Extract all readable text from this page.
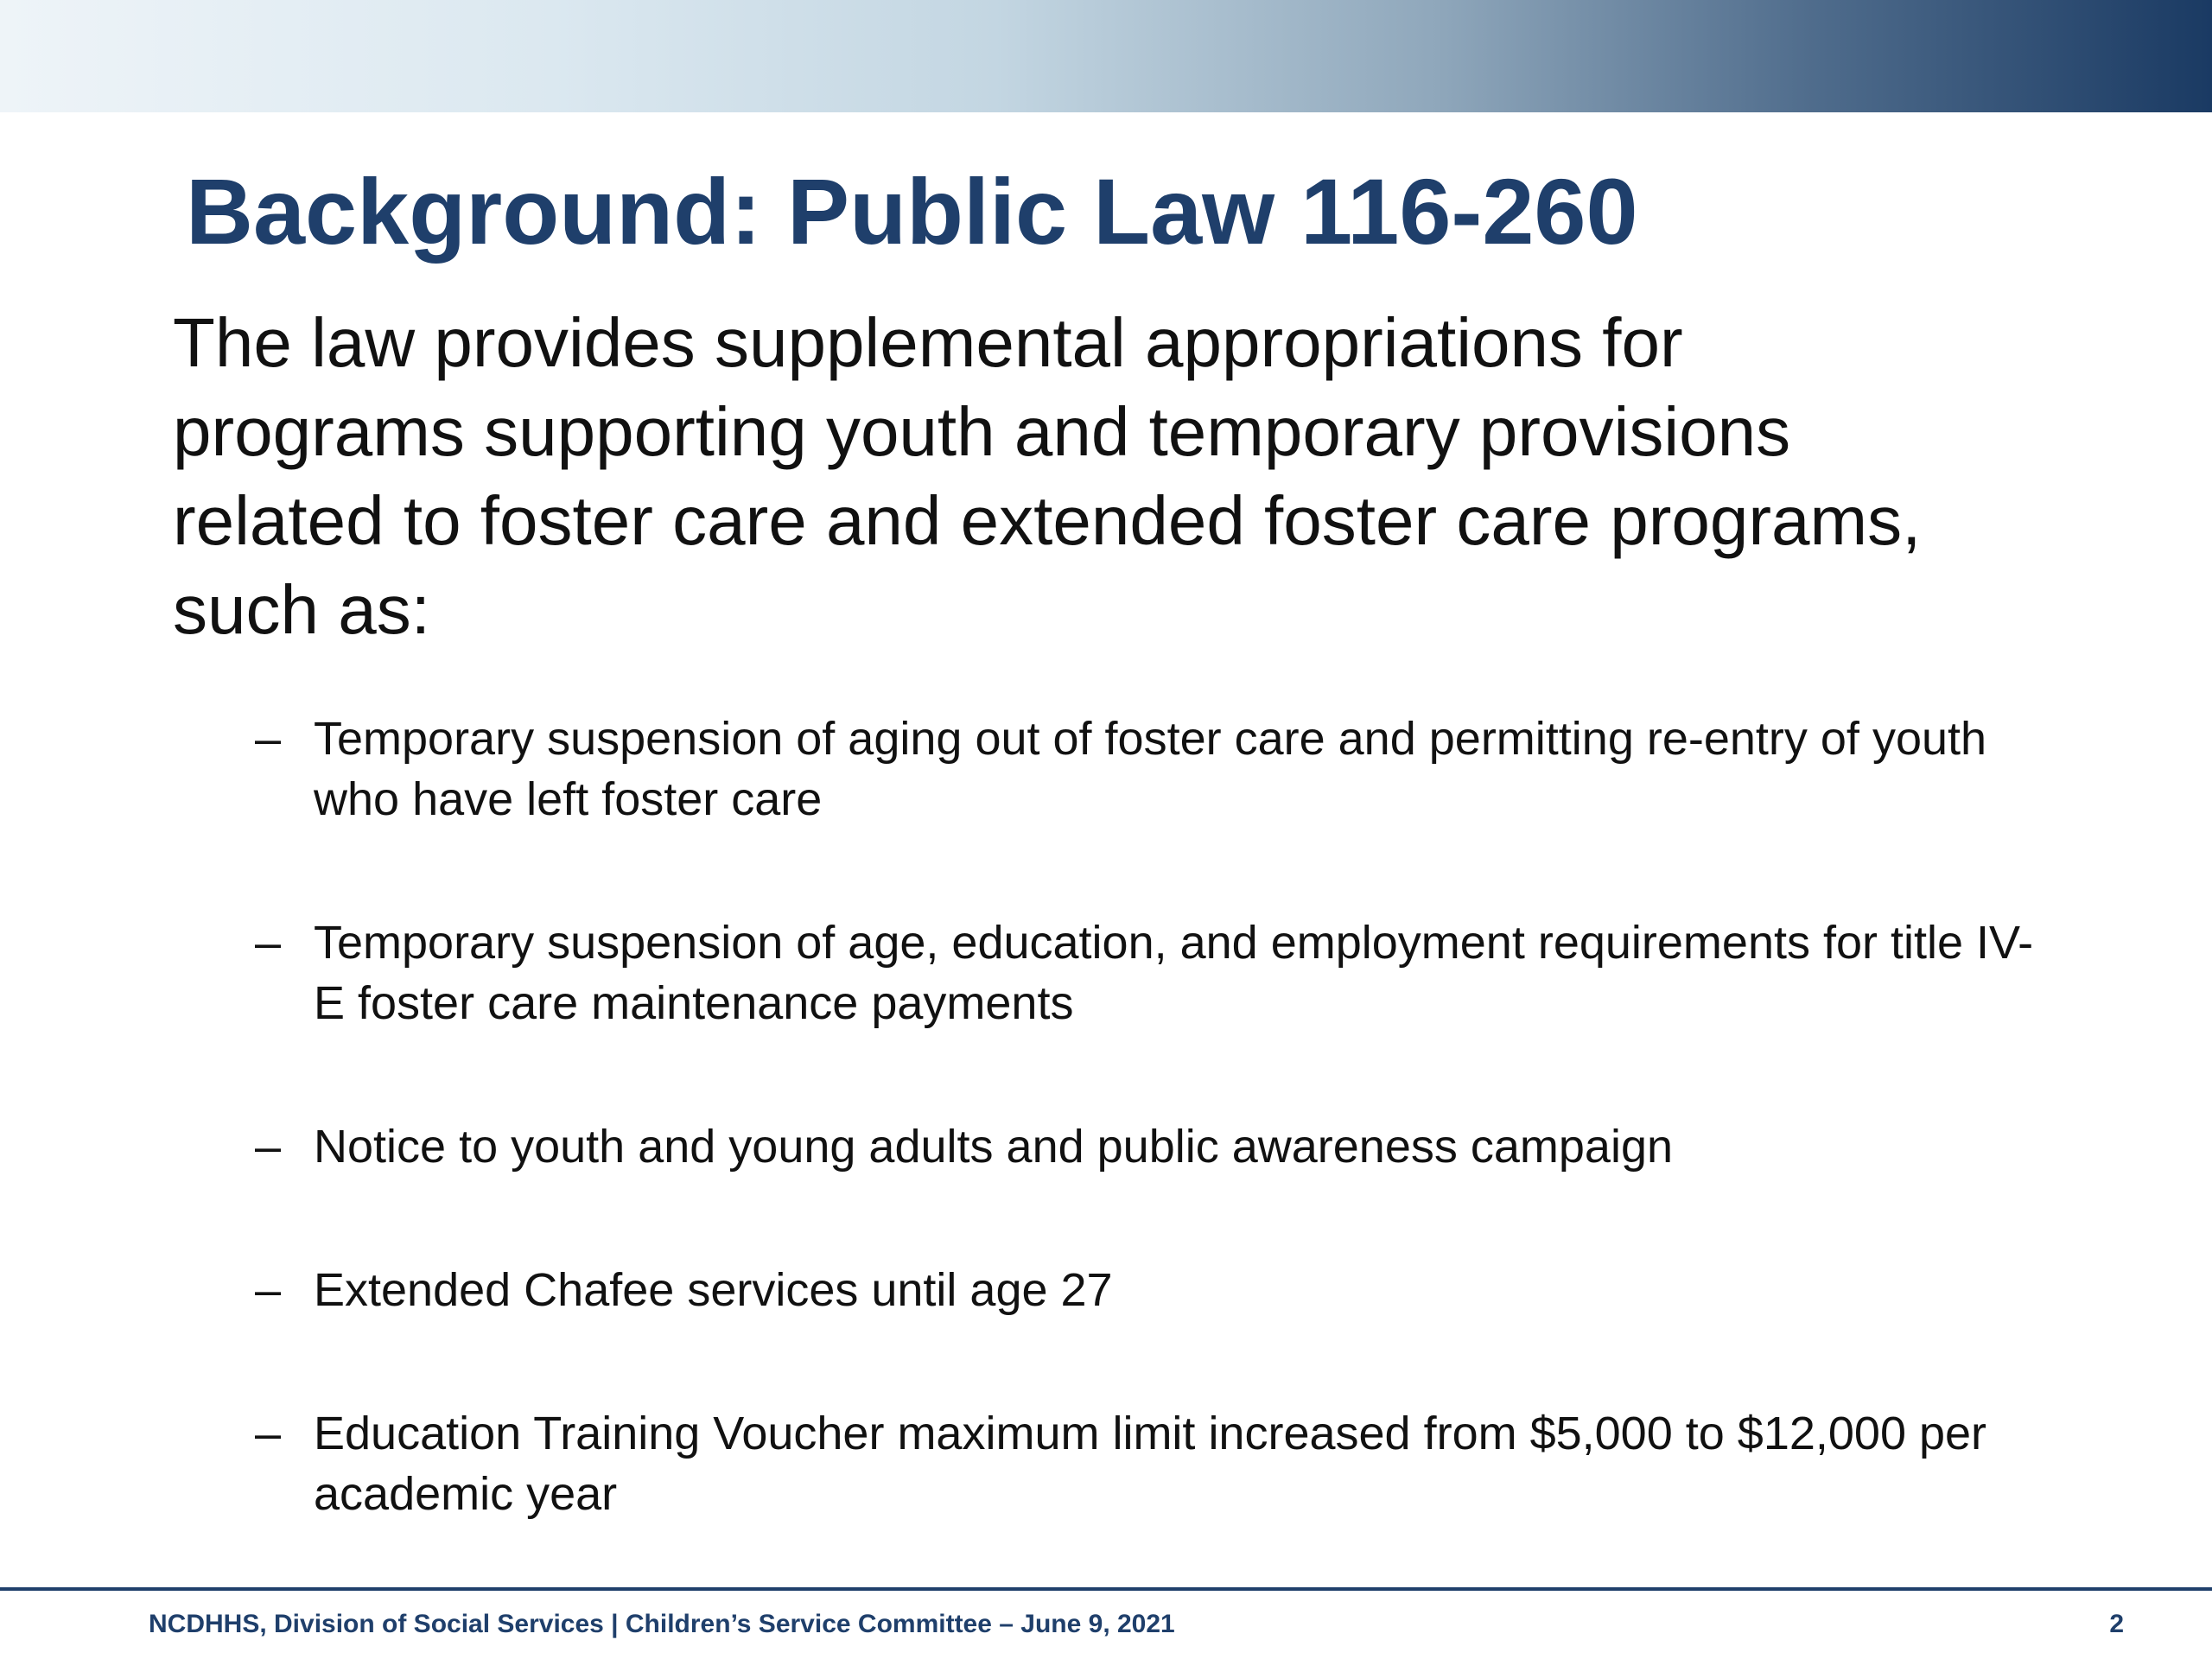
Background: Public Law 116-260

The law provides supplemental appropriations for programs supporting youth and temporary provisions related to foster care and extended foster care programs, such as:

– Temporary suspension of aging out of foster care and permitting re-entry of youth who have left foster care
– Temporary suspension of age, education, and employment requirements for title IV-E foster care maintenance payments
– Notice to youth and young adults and public awareness campaign
– Extended Chafee services until age 27
– Education Training Voucher maximum limit increased from $5,000 to $12,000 per academic year
NCDHHS, Division of Social Services | Children’s Service Committee – June 9, 2021	2
